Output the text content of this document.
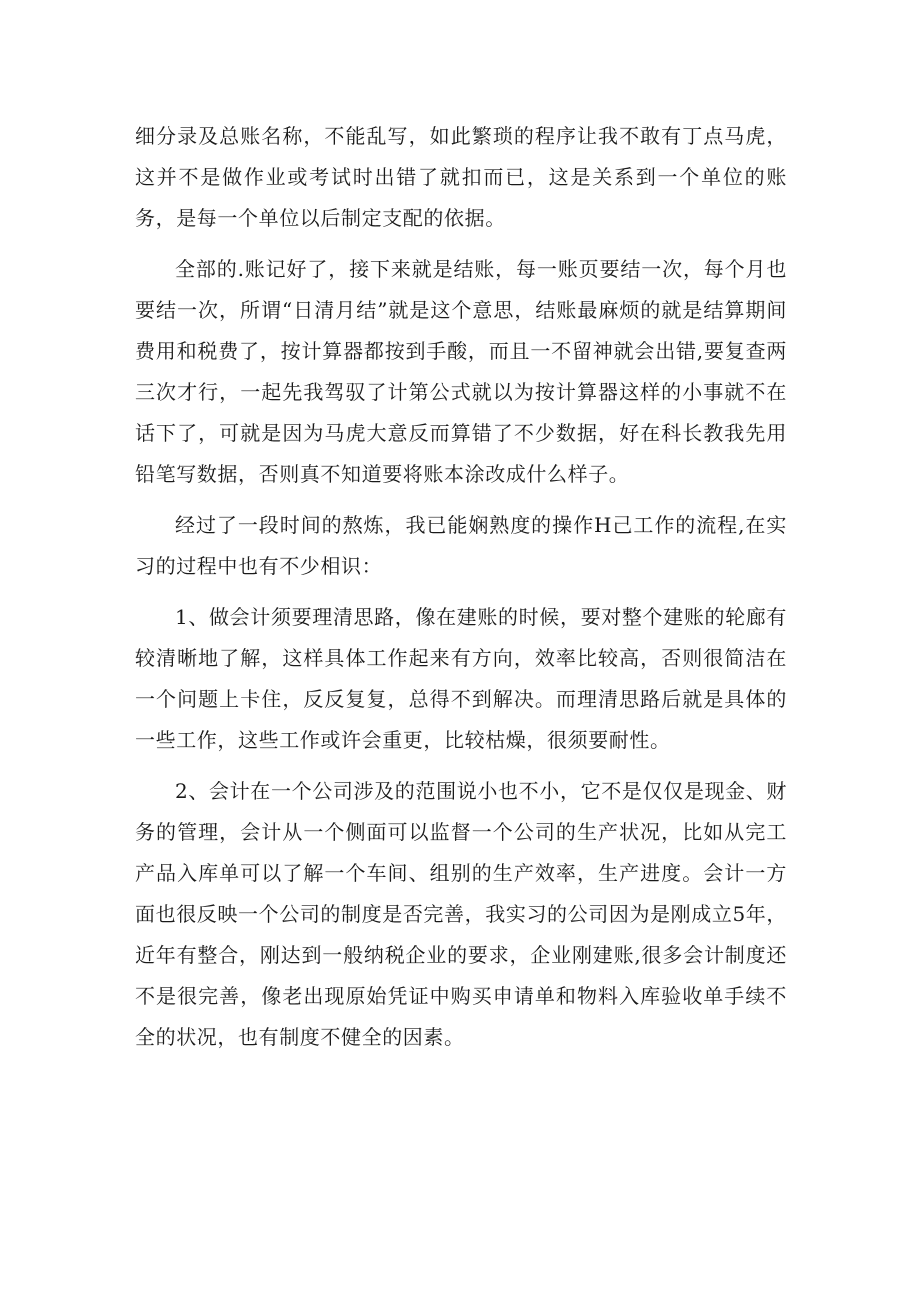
细分录及总账名称，不能乱写，如此繁琐的程序让我不敢有丁点马虎，这并不是做作业或考试时出错了就扣而已，这是关系到一个单位的账务，是每一个单位以后制定支配的依据。

全部的.账记好了，接下来就是结账，每一账页要结一次，每个月也要结一次，所谓“日清月结”就是这个意思，结账最麻烦的就是结算期间费用和税费了，按计算器都按到手酸，而且一不留神就会出错,要复查两三次才行，一起先我驾驭了计第公式就以为按计算器这样的小事就不在话下了，可就是因为马虎大意反而算错了不少数据，好在科长教我先用铅笔写数据，否则真不知道要将账本涂改成什么样子。

经过了一段时间的熬炼，我已能娴熟度的操作H己工作的流程,在实习的过程中也有不少相识：

1、做会计须要理清思路，像在建账的时候，要对整个建账的轮廊有较清晰地了解，这样具体工作起来有方向，效率比较高，否则很简洁在一个问题上卡住，反反复复，总得不到解决。而理清思路后就是具体的一些工作，这些工作或许会重更，比较枯燥，很须要耐性。

2、会计在一个公司涉及的范围说小也不小，它不是仅仅是现金、财务的管理，会计从一个侧面可以监督一个公司的生产状况，比如从完工产品入库单可以了解一个车间、组别的生产效率，生产进度。会计一方面也很反映一个公司的制度是否完善，我实习的公司因为是刚成立5年，近年有整合，刚达到一般纳税企业的要求，企业刚建账,很多会计制度还不是很完善，像老出现原始凭证中购买申请单和物料入库验收单手续不全的状况，也有制度不健全的因素。
